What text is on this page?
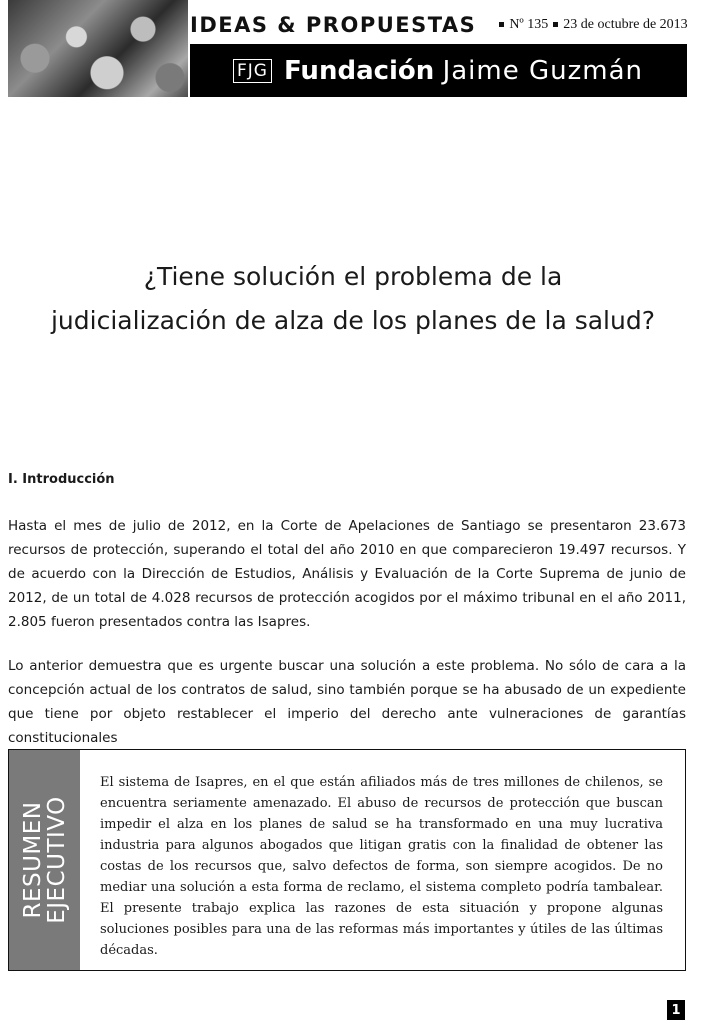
IDEAS & PROPUESTAS	Nº 135 23 de octubre de 2013
FJG Fundación Jaime Guzmán
¿Tiene solución el problema de la
judicialización de alza de los planes de la salud?
I. Introducción

Hasta el mes de julio de 2012, en la Corte de Apelaciones de Santiago se presentaron 23.673 recursos de protección, superando el total del año 2010 en que comparecieron 19.497 recursos. Y de acuerdo con la Dirección de Estudios, Análisis y Evaluación de la Corte Suprema de junio de 2012, de un total de 4.028 recursos de protección acogidos por el máximo tribunal en el año 2011, 2.805 fueron presentados contra las Isapres.

Lo anterior demuestra que es urgente buscar una solución a este problema. No sólo de cara a la concepción actual de los contratos de salud, sino también porque se ha abusado de un expediente que tiene por objeto restablecer el imperio del derecho ante vulneraciones de garantías constitucionales

RESUMEN
EJECUTIVO
El sistema de Isapres, en el que están afiliados más de tres millones de chilenos, se encuentra seriamente amenazado. El abuso de recursos de protección que buscan impedir el alza en los planes de salud se ha transformado en una muy lucrativa industria para algunos abogados que litigan gratis con la finalidad de obtener las costas de los recursos que, salvo defectos de forma, son siempre acogidos. De no mediar una solución a esta forma de reclamo, el sistema completo podría tambalear. El presente trabajo explica las razones de esta situación y propone algunas soluciones posibles para una de las reformas más importantes y útiles de las últimas décadas.
1
